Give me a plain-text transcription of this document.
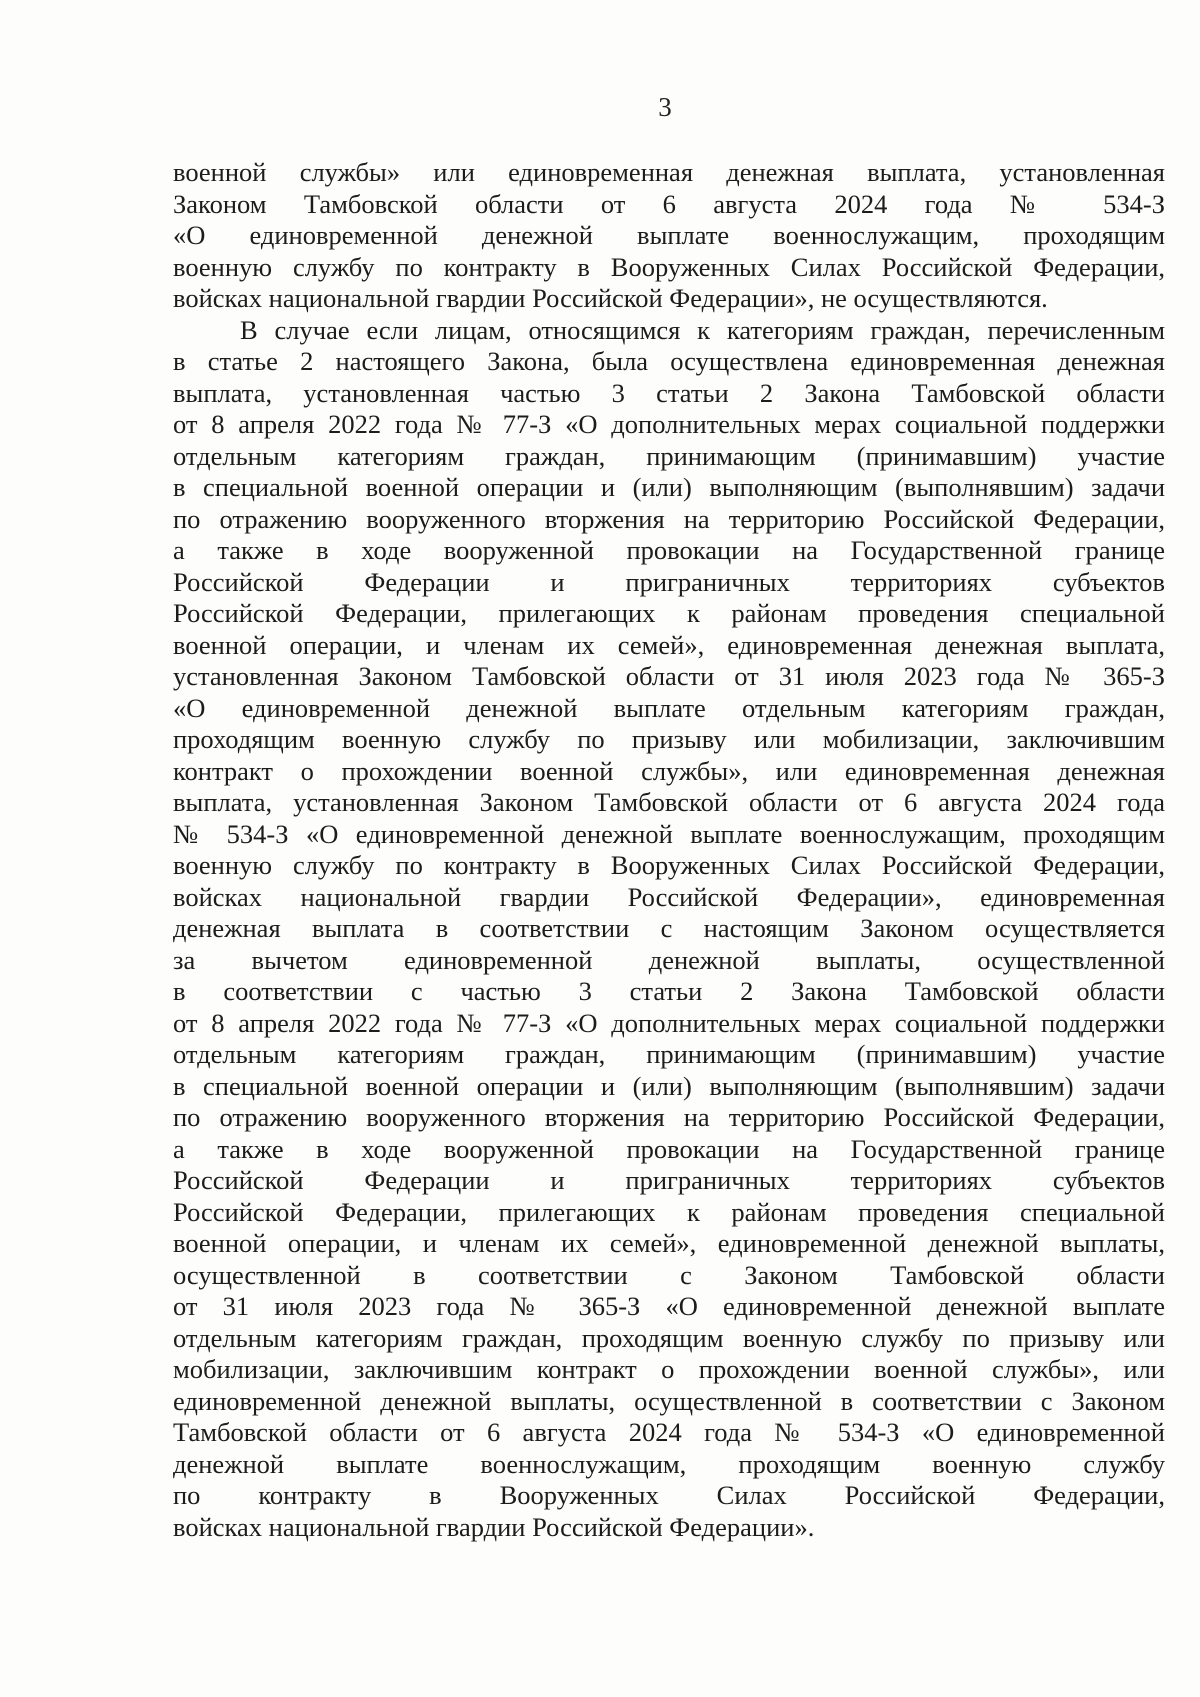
3
военной службы» или единовременная денежная выплата, установленная
Законом Тамбовской области от 6 августа 2024 года № 534-З
«О единовременной денежной выплате военнослужащим, проходящим
военную службу по контракту в Вооруженных Силах Российской Федерации,
войсках национальной гвардии Российской Федерации», не осуществляются.
В случае если лицам, относящимся к категориям граждан, перечисленным
в статье 2 настоящего Закона, была осуществлена единовременная денежная
выплата, установленная частью 3 статьи 2 Закона Тамбовской области
от 8 апреля 2022 года № 77-З «О дополнительных мерах социальной поддержки
отдельным категориям граждан, принимающим (принимавшим) участие
в специальной военной операции и (или) выполняющим (выполнявшим) задачи
по отражению вооруженного вторжения на территорию Российской Федерации,
а также в ходе вооруженной провокации на Государственной границе
Российской Федерации и приграничных территориях субъектов
Российской Федерации, прилегающих к районам проведения специальной
военной операции, и членам их семей», единовременная денежная выплата,
установленная Законом Тамбовской области от 31 июля 2023 года № 365-З
«О единовременной денежной выплате отдельным категориям граждан,
проходящим военную службу по призыву или мобилизации, заключившим
контракт о прохождении военной службы», или единовременная денежная
выплата, установленная Законом Тамбовской области от 6 августа 2024 года
№ 534-З «О единовременной денежной выплате военнослужащим, проходящим
военную службу по контракту в Вооруженных Силах Российской Федерации,
войсках национальной гвардии Российской Федерации», единовременная
денежная выплата в соответствии с настоящим Законом осуществляется
за вычетом единовременной денежной выплаты, осуществленной
в соответствии с частью 3 статьи 2 Закона Тамбовской области
от 8 апреля 2022 года № 77-З «О дополнительных мерах социальной поддержки
отдельным категориям граждан, принимающим (принимавшим) участие
в специальной военной операции и (или) выполняющим (выполнявшим) задачи
по отражению вооруженного вторжения на территорию Российской Федерации,
а также в ходе вооруженной провокации на Государственной границе
Российской Федерации и приграничных территориях субъектов
Российской Федерации, прилегающих к районам проведения специальной
военной операции, и членам их семей», единовременной денежной выплаты,
осуществленной в соответствии с Законом Тамбовской области
от 31 июля 2023 года № 365-З «О единовременной денежной выплате
отдельным категориям граждан, проходящим военную службу по призыву или
мобилизации, заключившим контракт о прохождении военной службы», или
единовременной денежной выплаты, осуществленной в соответствии с Законом
Тамбовской области от 6 августа 2024 года № 534-З «О единовременной
денежной выплате военнослужащим, проходящим военную службу
по контракту в Вооруженных Силах Российской Федерации,
войсках национальной гвардии Российской Федерации».
